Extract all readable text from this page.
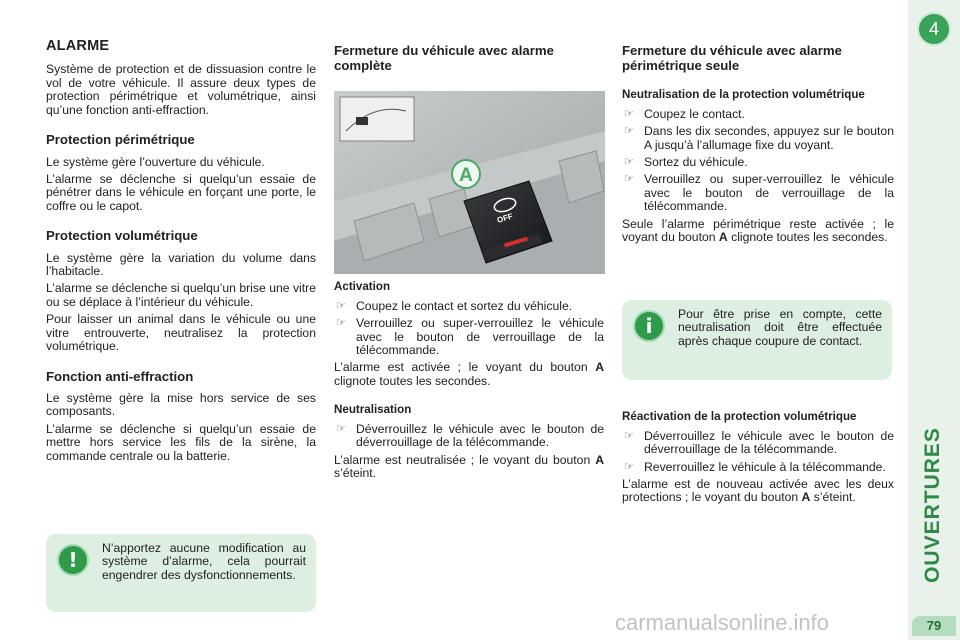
ALARME

Système de protection et de dissuasion contre le vol de votre véhicule. Il assure deux types de protection périmétrique et volumétrique, ainsi qu’une fonction anti-effraction.

Protection périmétrique

Le système gère l’ouverture du véhicule.

L’alarme se déclenche si quelqu’un essaie de pénétrer dans le véhicule en forçant une porte, le coffre ou le capot.

Protection volumétrique

Le système gère la variation du volume dans l’habitacle.

L’alarme se déclenche si quelqu’un brise une vitre ou se déplace à l’intérieur du véhicule.

Pour laisser un animal dans le véhicule ou une vitre entrouverte, neutralisez la protection volumétrique.

Fonction anti-effraction

Le système gère la mise hors service de ses composants.

L’alarme se déclenche si quelqu’un essaie de mettre hors service les fils de la sirène, la commande centrale ou la batterie.

!	N’apportez aucune modification au système d’alarme, cela pourrait engendrer des dysfonctionnements.
Fermeture du véhicule avec alarme complète
OFF
A
Activation
☞ Coupez le contact et sortez du véhicule.
☞ Verrouillez ou super-verrouillez le véhicule avec le bouton de verrouillage de la télécommande.

L’alarme est activée ; le voyant du bouton A clignote toutes les secondes.

Neutralisation
☞ Déverrouillez le véhicule avec le bouton de déverrouillage de la télécommande.

L’alarme est neutralisée ; le voyant du bouton A s’éteint.

Fermeture du véhicule avec alarme périmétrique seule
Neutralisation de la protection volumétrique
☞ Coupez le contact.
☞ Dans les dix secondes, appuyez sur le bouton A jusqu’à l’allumage fixe du voyant.
☞ Sortez du véhicule.
☞ Verrouillez ou super-verrouillez le véhicule avec le bouton de verrouillage de la télécommande.

Seule l’alarme périmétrique reste activée ; le voyant du bouton A clignote toutes les secondes.

i	Pour être prise en compte, cette neutralisation doit être effectuée après chaque coupure de contact.
Réactivation de la protection volumétrique
☞ Déverrouillez le véhicule avec le bouton de déverrouillage de la télécommande.
☞ Reverrouillez le véhicule à la télécommande.

L’alarme est de nouveau activée avec les deux protections ; le voyant du bouton A s’éteint.

4
OUVERTURES
79
carmanualsonline.info
